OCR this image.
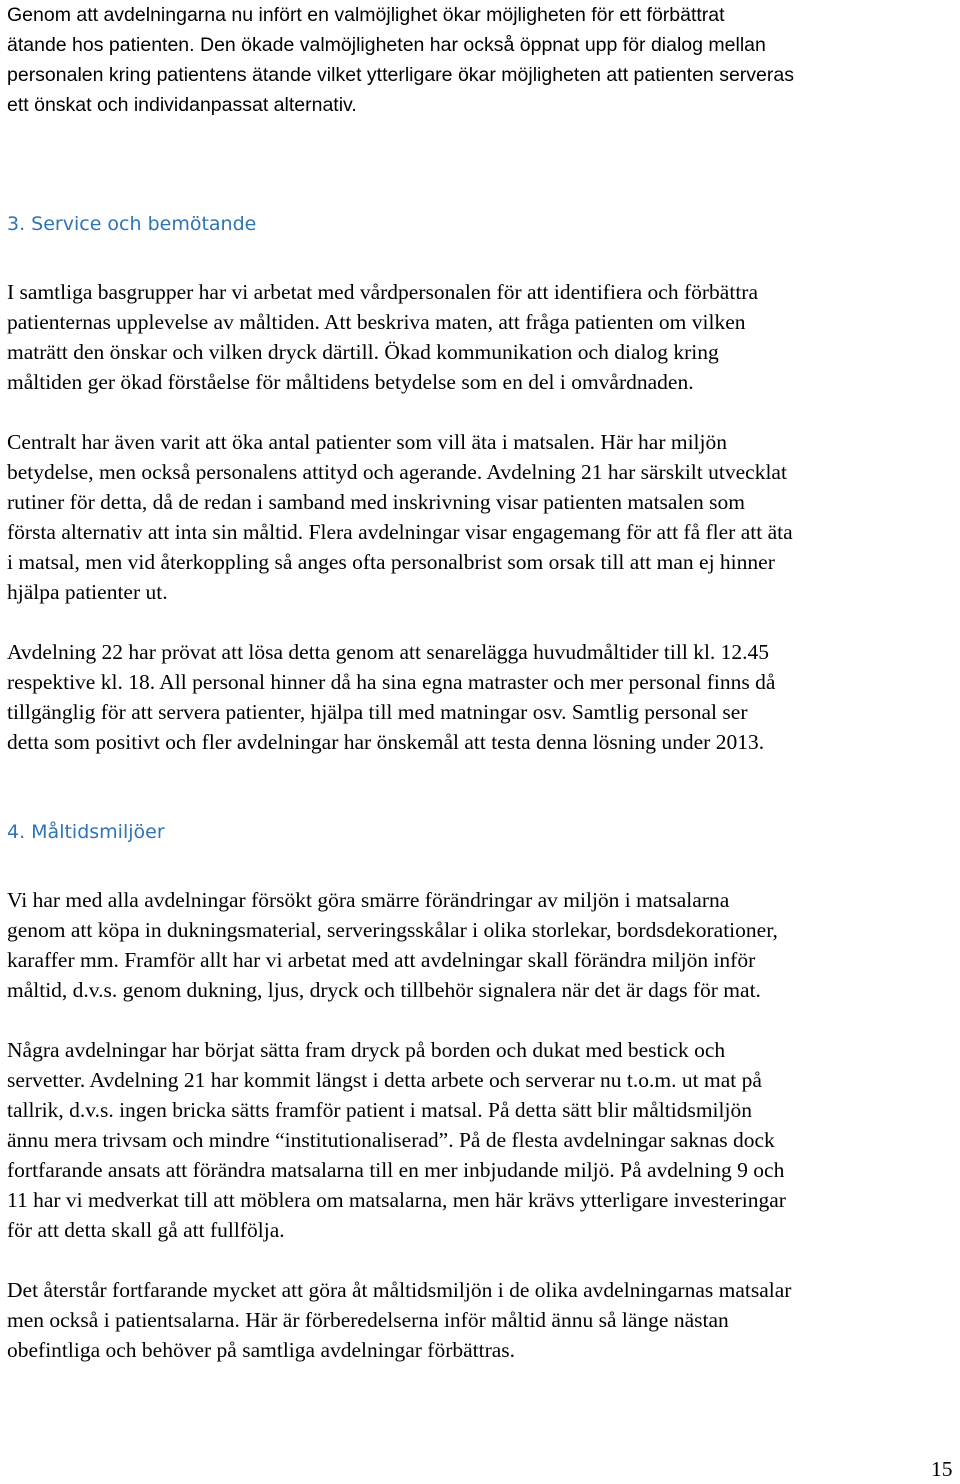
Genom att avdelningarna nu infört en valmöjlighet ökar möjligheten för ett förbättrat
ätande hos patienten. Den ökade valmöjligheten har också öppnat upp för dialog mellan
personalen kring patientens ätande vilket ytterligare ökar möjligheten att patienten serveras
ett önskat och individanpassat alternativ.
3. Service och bemötande
I samtliga basgrupper har vi arbetat med vårdpersonalen för att identifiera och förbättra
patienternas upplevelse av måltiden. Att beskriva maten, att fråga patienten om vilken
maträtt den önskar och vilken dryck därtill. Ökad kommunikation och dialog kring
måltiden ger ökad förståelse för måltidens betydelse som en del i omvårdnaden.
Centralt har även varit att öka antal patienter som vill äta i matsalen. Här har miljön
betydelse, men också personalens attityd och agerande. Avdelning 21 har särskilt utvecklat
rutiner för detta, då de redan i samband med inskrivning visar patienten matsalen som
första alternativ att inta sin måltid. Flera avdelningar visar engagemang för att få fler att äta
i matsal, men vid återkoppling så anges ofta personalbrist som orsak till att man ej hinner
hjälpa patienter ut.
Avdelning 22 har prövat att lösa detta genom att senarelägga huvudmåltider till kl. 12.45
respektive kl. 18. All personal hinner då ha sina egna matraster och mer personal finns då
tillgänglig för att servera patienter, hjälpa till med matningar osv. Samtlig personal ser
detta som positivt och fler avdelningar har önskemål att testa denna lösning under 2013.
4. Måltidsmiljöer
Vi har med alla avdelningar försökt göra smärre förändringar av miljön i matsalarna
genom att köpa in dukningsmaterial, serveringsskålar i olika storlekar, bordsdekorationer,
karaffer mm. Framför allt har vi arbetat med att avdelningar skall förändra miljön inför
måltid, d.v.s. genom dukning, ljus, dryck och tillbehör signalera när det är dags för mat.
Några avdelningar har börjat sätta fram dryck på borden och dukat med bestick och
servetter. Avdelning 21 har kommit längst i detta arbete och serverar nu t.o.m. ut mat på
tallrik, d.v.s. ingen bricka sätts framför patient i matsal. På detta sätt blir måltidsmiljön
ännu mera trivsam och mindre “institutionaliserad”. På de flesta avdelningar saknas dock
fortfarande ansats att förändra matsalarna till en mer inbjudande miljö. På avdelning 9 och
11 har vi medverkat till att möblera om matsalarna, men här krävs ytterligare investeringar
för att detta skall gå att fullfölja.
Det återstår fortfarande mycket att göra åt måltidsmiljön i de olika avdelningarnas matsalar
men också i patientsalarna. Här är förberedelserna inför måltid ännu så länge nästan
obefintliga och behöver på samtliga avdelningar förbättras.
15
